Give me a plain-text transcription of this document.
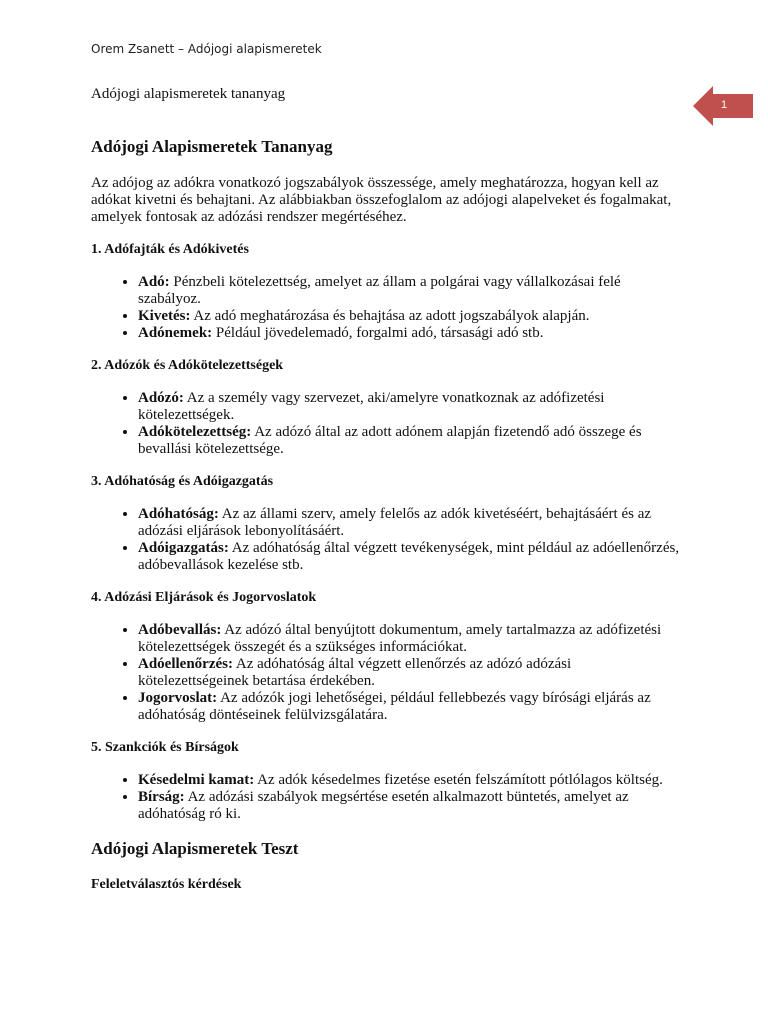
Orem Zsanett – Adójogi alapismeretek
1

Adójogi alapismeretek tananyag

Adójogi Alapismeretek Tananyag

Az adójog az adókra vonatkozó jogszabályok összessége, amely meghatározza, hogyan kell az adókat kivetni és behajtani. Az alábbiakban összefoglalom az adójogi alapelveket és fogalmakat, amelyek fontosak az adózási rendszer megértéséhez.

1. Adófajták és Adókivetés
• Adó: Pénzbeli kötelezettség, amelyet az állam a polgárai vagy vállalkozásai felé szabályoz.
• Kivetés: Az adó meghatározása és behajtása az adott jogszabályok alapján.
• Adónemek: Például jövedelemadó, forgalmi adó, társasági adó stb.
2. Adózók és Adókötelezettségek
• Adózó: Az a személy vagy szervezet, aki/amelyre vonatkoznak az adófizetési kötelezettségek.
• Adókötelezettség: Az adózó által az adott adónem alapján fizetendő adó összege és bevallási kötelezettsége.
3. Adóhatóság és Adóigazgatás
• Adóhatóság: Az az állami szerv, amely felelős az adók kivetéséért, behajtásáért és az adózási eljárások lebonyolításáért.
• Adóigazgatás: Az adóhatóság által végzett tevékenységek, mint például az adóellenőrzés, adóbevallások kezelése stb.
4. Adózási Eljárások és Jogorvoslatok
• Adóbevallás: Az adózó által benyújtott dokumentum, amely tartalmazza az adófizetési kötelezettségek összegét és a szükséges információkat.
• Adóellenőrzés: Az adóhatóság által végzett ellenőrzés az adózó adózási kötelezettségeinek betartása érdekében.
• Jogorvoslat: Az adózók jogi lehetőségei, például fellebbezés vagy bírósági eljárás az adóhatóság döntéseinek felülvizsgálatára.
5. Szankciók és Bírságok
• Késedelmi kamat: Az adók késedelmes fizetése esetén felszámított pótlólagos költség.
• Bírság: Az adózási szabályok megsértése esetén alkalmazott büntetés, amelyet az adóhatóság ró ki.
Adójogi Alapismeretek Teszt
Feleletválasztós kérdések
